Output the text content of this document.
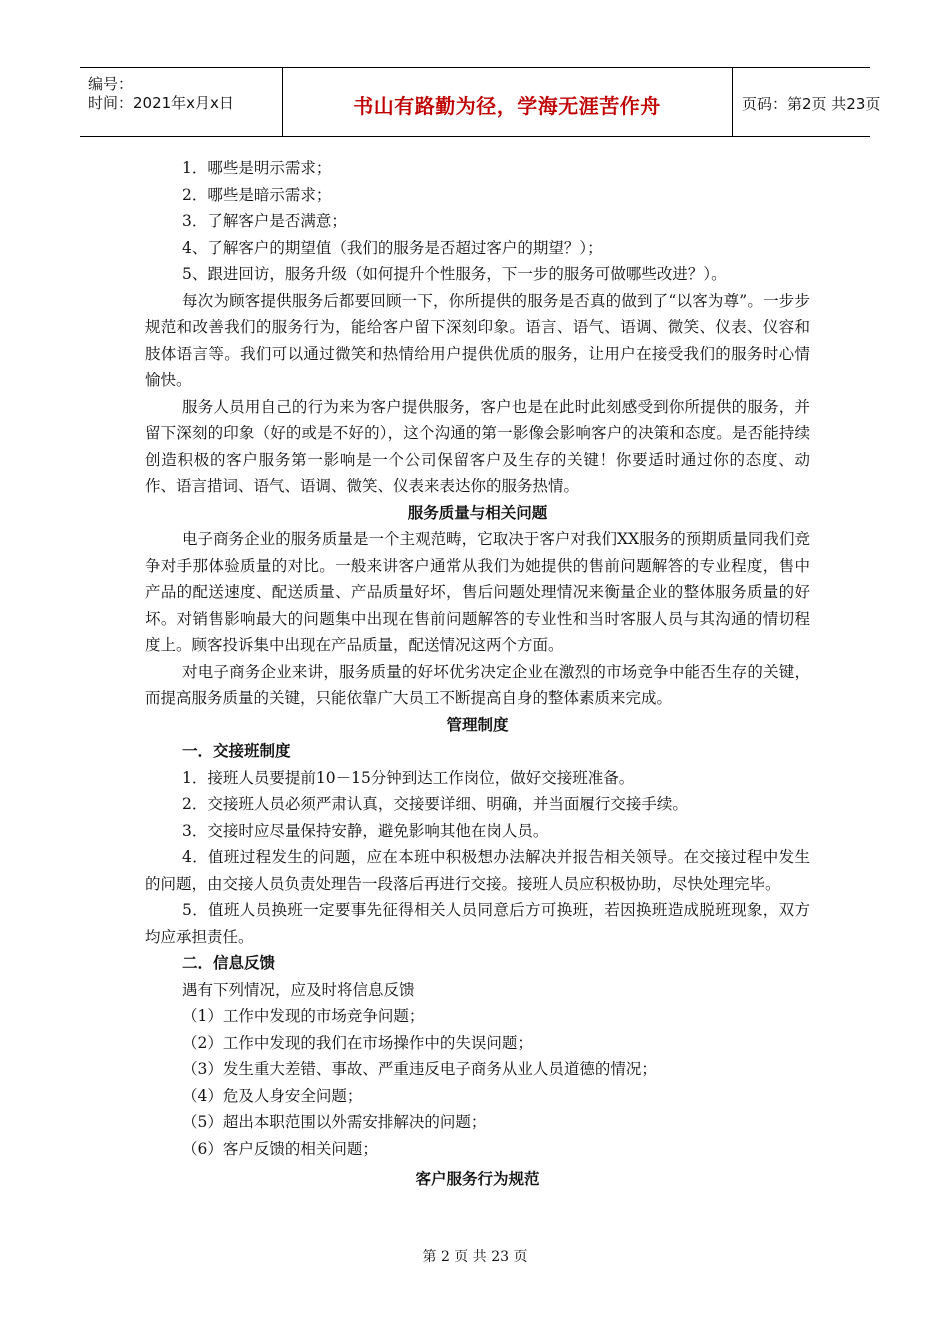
编号：
时间：2021年x月x日	书山有路勤为径，学海无涯苦作舟	页码：第2页 共23页

1．哪些是明示需求；

2．哪些是暗示需求；

3．了解客户是否满意；

4、了解客户的期望值（我们的服务是否超过客户的期望？）；

5、跟进回访，服务升级（如何提升个性服务，下一步的服务可做哪些改进？）。

每次为顾客提供服务后都要回顾一下，你所提供的服务是否真的做到了“以客为尊”。一步步规范和改善我们的服务行为，能给客户留下深刻印象。语言、语气、语调、微笑、仪表、仪容和肢体语言等。我们可以通过微笑和热情给用户提供优质的服务，让用户在接受我们的服务时心情愉快。

服务人员用自己的行为来为客户提供服务，客户也是在此时此刻感受到你所提供的服务，并留下深刻的印象（好的或是不好的），这个沟通的第一影像会影响客户的决策和态度。是否能持续创造积极的客户服务第一影响是一个公司保留客户及生存的关键！你要适时通过你的态度、动作、语言措词、语气、语调、微笑、仪表来表达你的服务热情。

服务质量与相关问题

电子商务企业的服务质量是一个主观范畴，它取决于客户对我们XX服务的预期质量同我们竞争对手那体验质量的对比。一般来讲客户通常从我们为她提供的售前问题解答的专业程度，售中产品的配送速度、配送质量、产品质量好坏，售后问题处理情况来衡量企业的整体服务质量的好坏。对销售影响最大的问题集中出现在售前问题解答的专业性和当时客服人员与其沟通的情切程度上。顾客投诉集中出现在产品质量，配送情况这两个方面。

对电子商务企业来讲，服务质量的好坏优劣决定企业在激烈的市场竞争中能否生存的关键，而提高服务质量的关键，只能依靠广大员工不断提高自身的整体素质来完成。

管理制度

一．交接班制度

1．接班人员要提前10－15分钟到达工作岗位，做好交接班准备。

2．交接班人员必须严肃认真，交接要详细、明确，并当面履行交接手续。

3．交接时应尽量保持安静，避免影响其他在岗人员。

4．值班过程发生的问题，应在本班中积极想办法解决并报告相关领导。在交接过程中发生的问题，由交接人员负责处理告一段落后再进行交接。接班人员应积极协助，尽快处理完毕。

5．值班人员换班一定要事先征得相关人员同意后方可换班，若因换班造成脱班现象，双方均应承担责任。

二．信息反馈

遇有下列情况，应及时将信息反馈

（1）工作中发现的市场竞争问题；

（2）工作中发现的我们在市场操作中的失误问题；

（3）发生重大差错、事故、严重违反电子商务从业人员道德的情况；

（4）危及人身安全问题；

（5）超出本职范围以外需安排解决的问题；

（6）客户反馈的相关问题；

客户服务行为规范

第 2 页 共 23 页
